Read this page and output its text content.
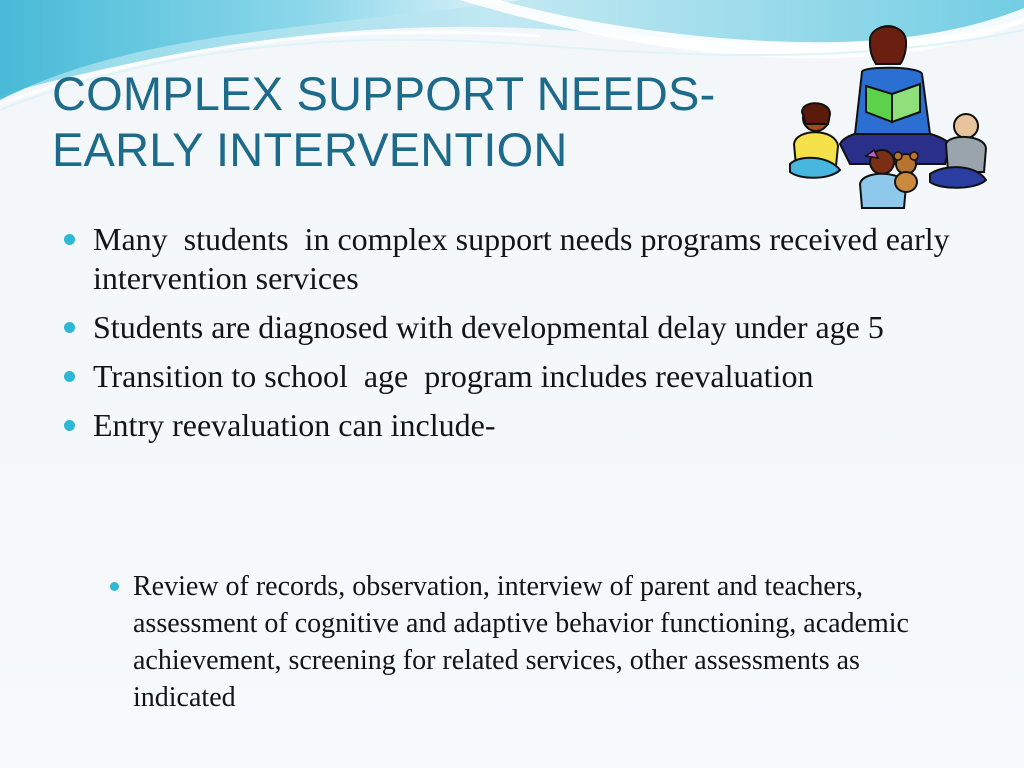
COMPLEX SUPPORT NEEDS-
EARLY INTERVENTION
Many  students  in complex support needs programs received early intervention services
Students are diagnosed with developmental delay under age 5
Transition to school  age  program includes reevaluation
Entry reevaluation can include-

Review of records, observation, interview of parent and teachers, assessment of cognitive and adaptive behavior functioning, academic achievement, screening for related services, other assessments as indicated
